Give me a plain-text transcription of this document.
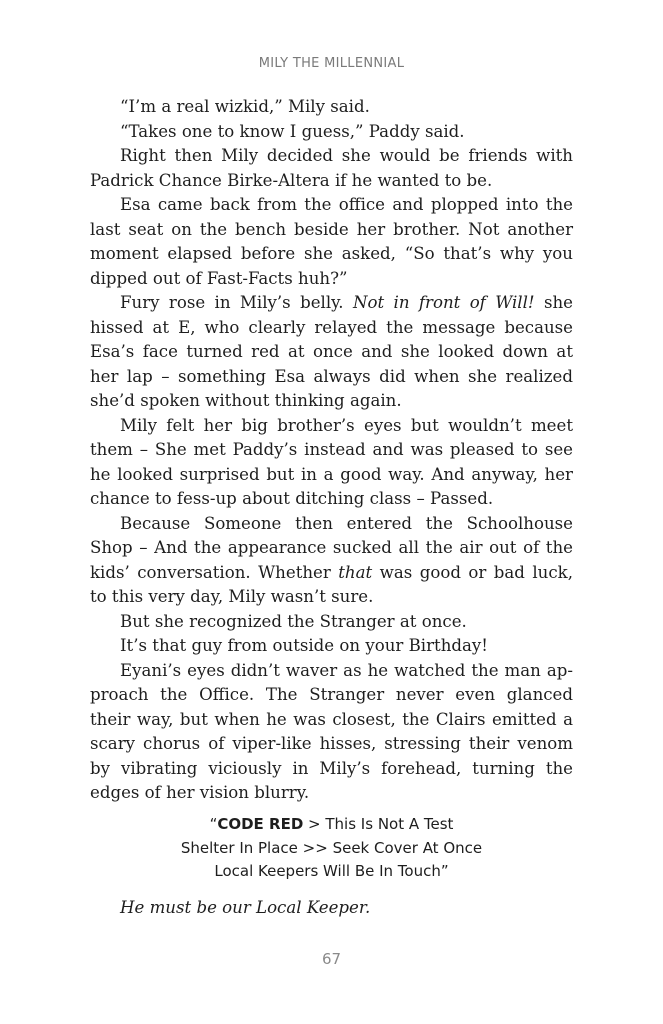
MILY THE MILLENNIAL

“I’m a real wizkid,” Mily said.

“Takes one to know I guess,” Paddy said.

Right then Mily decided she would be friends with Padrick Chance Birke-Altera if he wanted to be.

Esa came back from the office and plopped into the last seat on the bench beside her brother. Not another moment elapsed before she asked, “So that’s why you dipped out of Fast-Facts huh?”

Fury rose in Mily’s belly. Not in front of Will! she hissed at E, who clearly relayed the message because Esa’s face turned red at once and she looked down at her lap – something Esa always did when she realized she’d spoken without thinking again.

Mily felt her big brother’s eyes but wouldn’t meet them – She met Paddy’s instead and was pleased to see he looked surprised but in a good way. And anyway, her chance to fess-up about ditching class – Passed.

Because Someone then entered the Schoolhouse Shop – And the appearance sucked all the air out of the kids’ conversation. Whether that was good or bad luck, to this very day, Mily wasn’t sure.

But she recognized the Stranger at once.

It’s that guy from outside on your Birthday!

Eyani’s eyes didn’t waver as he watched the man approach the Office. The Stranger never even glanced their way, but when he was closest, the Clairs emitted a scary chorus of viper-like hisses, stressing their venom by vibrating viciously in Mily’s forehead, turning the edges of her vision blurry.

“CODE RED > This Is Not A Test
Shelter In Place >> Seek Cover At Once
Local Keepers Will Be In Touch”
He must be our Local Keeper.
67
